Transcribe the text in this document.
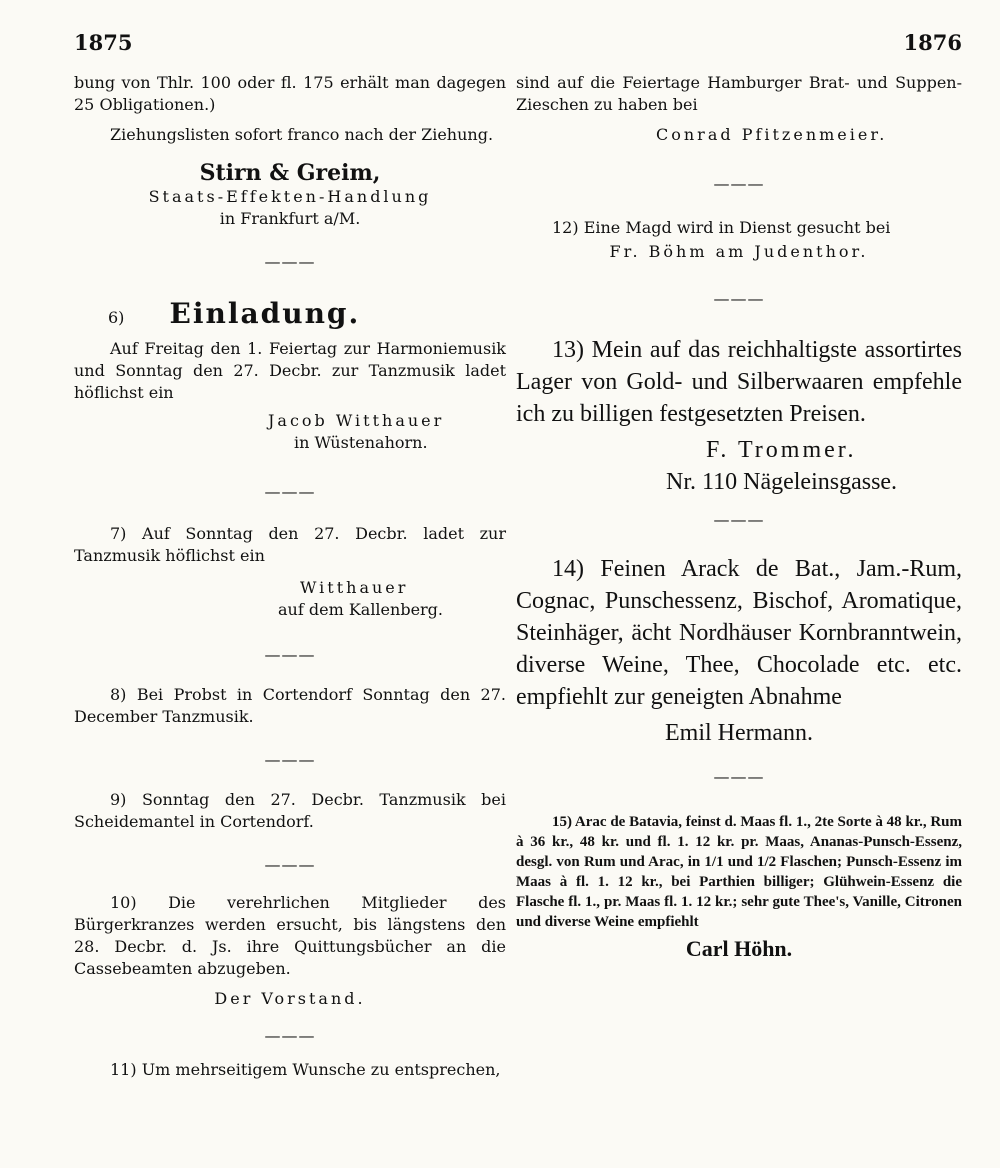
1875	1876

bung von Thlr. 100 oder fl. 175 erhält man dagegen 25 Obligationen.)

Ziehungslisten sofort franco nach der Ziehung.

Stirn & Greim,

Staats-Effekten-Handlung

in Frankfurt a/M.

———

6) Einladung.

Auf Freitag den 1. Feiertag zur Harmoniemusik und Sonntag den 27. Decbr. zur Tanzmusik ladet höflichst ein

Jacob Witthauer

in Wüstenahorn.

———

7) Auf Sonntag den 27. Decbr. ladet zur Tanzmusik höflichst ein

Witthauer

auf dem Kallenberg.

———

8) Bei Probst in Cortendorf Sonntag den 27. December Tanzmusik.

———

9) Sonntag den 27. Decbr. Tanzmusik bei Scheidemantel in Cortendorf.

———

10) Die verehrlichen Mitglieder des Bürgerkranzes werden ersucht, bis längstens den 28. Decbr. d. Js. ihre Quittungsbücher an die Cassebeamten abzugeben.

Der Vorstand.

———

11) Um mehrseitigem Wunsche zu entsprechen,

sind auf die Feiertage Hamburger Brat- und Suppen-Zieschen zu haben bei

Conrad Pfitzenmeier.

———

12) Eine Magd wird in Dienst gesucht bei

Fr. Böhm am Judenthor.

———

13) Mein auf das reichhaltigste assortirtes Lager von Gold- und Silberwaaren empfehle ich zu billigen festgesetzten Preisen.

F. Trommer.

Nr. 110 Nägeleinsgasse.

———

14) Feinen Arack de Bat., Jam.-Rum, Cognac, Punschessenz, Bischof, Aromatique, Steinhäger, ächt Nordhäuser Kornbranntwein, diverse Weine, Thee, Chocolade etc. etc. empfiehlt zur geneigten Abnahme

Emil Hermann.

———

15) Arac de Batavia, feinst d. Maas fl. 1., 2te Sorte à 48 kr., Rum à 36 kr., 48 kr. und fl. 1. 12 kr. pr. Maas, Ananas-Punsch-Essenz, desgl. von Rum und Arac, in 1/1 und 1/2 Flaschen; Punsch-Essenz im Maas à fl. 1. 12 kr., bei Parthien billiger; Glühwein-Essenz die Flasche fl. 1., pr. Maas fl. 1. 12 kr.; sehr gute Thee's, Vanille, Citronen und diverse Weine empfiehlt

Carl Höhn.
